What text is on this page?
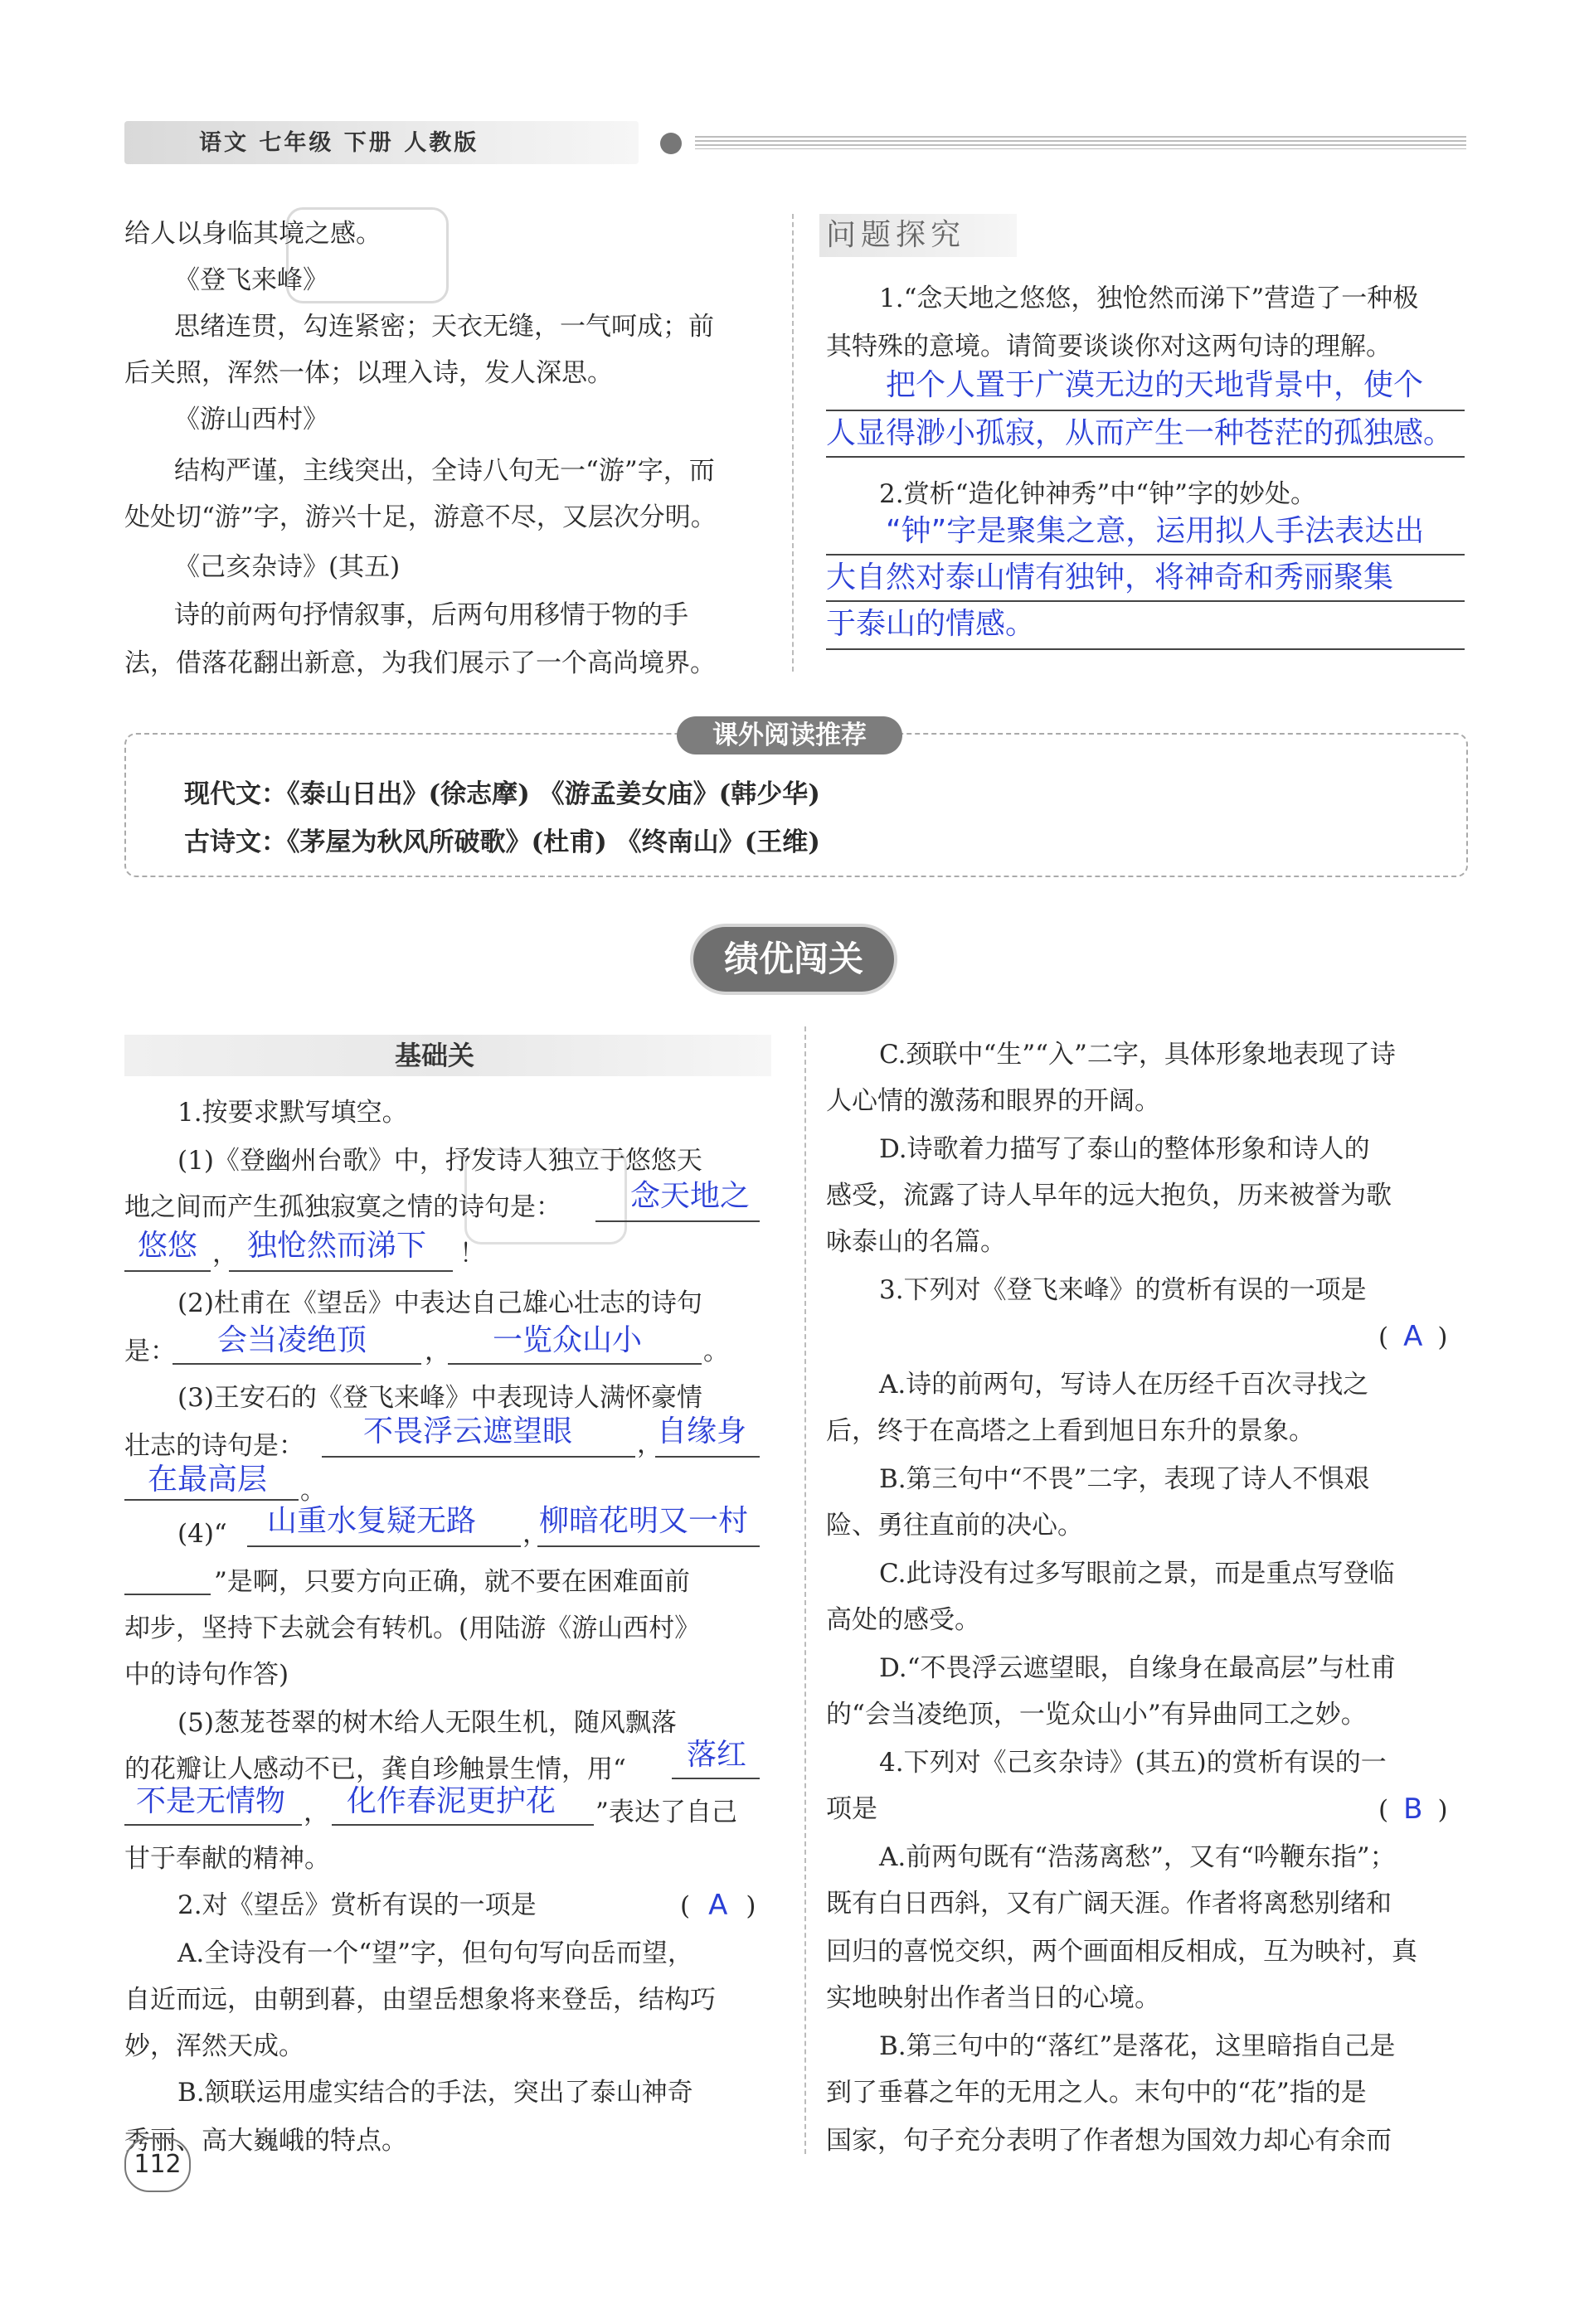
语文 七年级 下册 人教版
给人以身临其境之感。
《登飞来峰》
思绪连贯，勾连紧密；天衣无缝，一气呵成；前
后关照，浑然一体；以理入诗，发人深思。
《游山西村》
结构严谨，主线突出，全诗八句无一“游”字，而
处处切“游”字，游兴十足，游意不尽，又层次分明。
《己亥杂诗》(其五)
诗的前两句抒情叙事，后两句用移情于物的手
法，借落花翻出新意，为我们展示了一个高尚境界。
问题探究
1.“念天地之悠悠，独怆然而涕下”营造了一种极
其特殊的意境。请简要谈谈你对这两句诗的理解。
把个人置于广漠无边的天地背景中，使个
人显得渺小孤寂，从而产生一种苍茫的孤独感。
2.赏析“造化钟神秀”中“钟”字的妙处。
“钟”字是聚集之意，运用拟人手法表达出
大自然对泰山情有独钟，将神奇和秀丽聚集
于泰山的情感。
课外阅读推荐
现代文：《泰山日出》(徐志摩) 《游孟姜女庙》(韩少华)
古诗文：《茅屋为秋风所破歌》(杜甫) 《终南山》(王维)
绩优闯关
基础关
1.按要求默写填空。
(1)《登幽州台歌》中，抒发诗人独立于悠悠天
地之间而产生孤独寂寞之情的诗句是： 念天地之
悠悠 ， 独怆然而涕下 ！
(2)杜甫在《望岳》中表达自己雄心壮志的诗句
是： 会当凌绝顶 ， 一览众山小 。
(3)王安石的《登飞来峰》中表现诗人满怀豪情
壮志的诗句是： 不畏浮云遮望眼	，
自缘身
在最高层 。
(4)“ 山重水复疑无路 ，
柳暗花明又一村
”是啊，只要方向正确，就不要在困难面前
却步，坚持下去就会有转机。(用陆游《游山西村》
中的诗句作答)
(5)葱茏苍翠的树木给人无限生机，随风飘落
的花瓣让人感动不已，龚自珍触景生情，用“ 落红
不是无情物 ， 化作春泥更护花 ”表达了自己
甘于奉献的精神。
2.对《望岳》赏析有误的一项是	( A )
A.全诗没有一个“望”字，但句句写向岳而望，
自近而远，由朝到暮，由望岳想象将来登岳，结构巧
妙，浑然天成。
B.颔联运用虚实结合的手法，突出了泰山神奇
秀丽、高大巍峨的特点。
C.颈联中“生”“入”二字，具体形象地表现了诗
人心情的激荡和眼界的开阔。
D.诗歌着力描写了泰山的整体形象和诗人的
感受，流露了诗人早年的远大抱负，历来被誉为歌
咏泰山的名篇。
3.下列对《登飞来峰》的赏析有误的一项是
( A )
A.诗的前两句，写诗人在历经千百次寻找之
后，终于在高塔之上看到旭日东升的景象。
B.第三句中“不畏”二字，表现了诗人不惧艰
险、勇往直前的决心。
C.此诗没有过多写眼前之景，而是重点写登临
高处的感受。
D.“不畏浮云遮望眼，自缘身在最高层”与杜甫
的“会当凌绝顶，一览众山小”有异曲同工之妙。
4.下列对《己亥杂诗》(其五)的赏析有误的一
项是	( B )
A.前两句既有“浩荡离愁”，又有“吟鞭东指”；
既有白日西斜，又有广阔天涯。作者将离愁别绪和
回归的喜悦交织，两个画面相反相成，互为映衬，真
实地映射出作者当日的心境。
B.第三句中的“落红”是落花，这里暗指自己是
到了垂暮之年的无用之人。末句中的“花”指的是
国家，句子充分表明了作者想为国效力却心有余而
112
